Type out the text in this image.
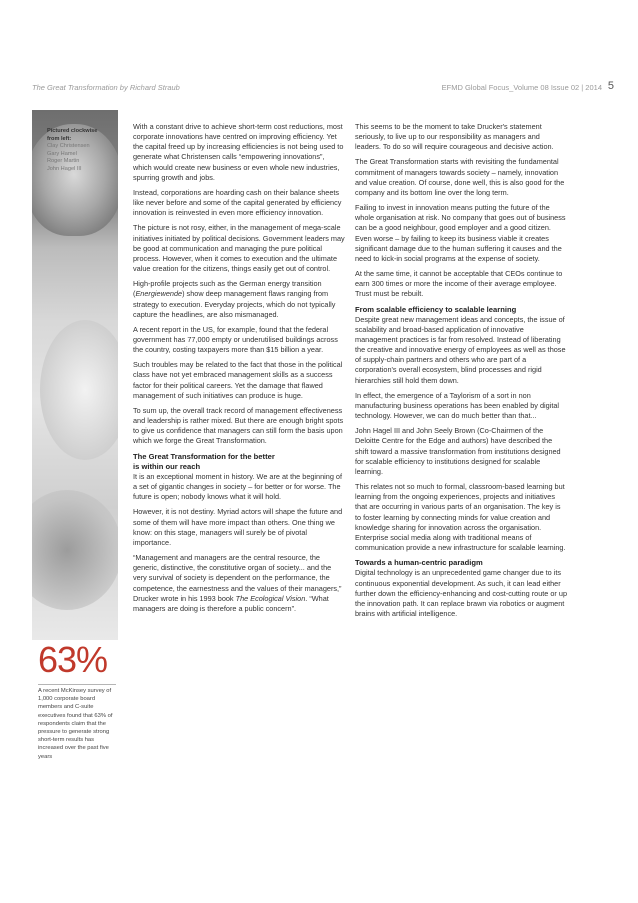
The Great Transformation by Richard Straub	EFMD Global Focus_Volume 08 Issue 02 | 2014 5
Pictured clockwise
from left:
Clay Christensen
Gary Hamel
Roger Martin
John Hagel III
63%
A recent McKinsey survey of 1,000 corporate board members and C-suite executives found that 63% of respondents claim that the pressure to generate strong short-term results has increased over the past five years

With a constant drive to achieve short-term cost reductions, most corporate innovations have centred on improving efficiency. Yet the capital freed up by increasing efficiencies is not being used to generate what Christensen calls “empowering innovations”, which would create new business or even whole new industries, spurring growth and jobs.

Instead, corporations are hoarding cash on their balance sheets like never before and some of the capital generated by efficiency innovation is reinvested in even more efficiency innovation.

The picture is not rosy, either, in the management of mega-scale initiatives initiated by political decisions. Government leaders may be good at communication and managing the pure political process. However, when it comes to execution and the ultimate value creation for the citizens, things easily get out of control.

High-profile projects such as the German energy transition (Energiewende) show deep management flaws ranging from strategy to execution. Everyday projects, which do not typically capture the headlines, are also mismanaged.

A recent report in the US, for example, found that the federal government has 77,000 empty or underutilised buildings across the country, costing taxpayers more than $15 billion a year.

Such troubles may be related to the fact that those in the political class have not yet embraced management skills as a success factor for their political careers. Yet the damage that flawed management of such initiatives can produce is huge.

To sum up, the overall track record of management effectiveness and leadership is rather mixed. But there are enough bright spots to give us confidence that managers can still form the basis upon which we forge the Great Transformation.

The Great Transformation for the better
is within our reach

It is an exceptional moment in history. We are at the beginning of a set of gigantic changes in society – for better or for worse. The future is open; nobody knows what it will hold.

However, it is not destiny. Myriad actors will shape the future and some of them will have more impact than others. One thing we know: on this stage, managers will surely be of pivotal importance.

“Management and managers are the central resource, the generic, distinctive, the constitutive organ of society... and the very survival of society is dependent on the performance, the competence, the earnestness and the values of their managers,” Drucker wrote in his 1993 book The Ecological Vision. “What managers are doing is therefore a public concern”.

This seems to be the moment to take Drucker's statement seriously, to live up to our responsibility as managers and leaders. To do so will require courageous and decisive action.

The Great Transformation starts with revisiting the fundamental commitment of managers towards society – namely, innovation and value creation. Of course, done well, this is also good for the company and its bottom line over the long term.

Failing to invest in innovation means putting the future of the whole organisation at risk. No company that goes out of business can be a good neighbour, good employer and a good citizen. Even worse – by failing to keep its business viable it creates significant damage due to the human suffering it causes and the need to kick-in social programs at the expense of society.

At the same time, it cannot be acceptable that CEOs continue to earn 300 times or more the income of their average employee. Trust must be rebuilt.

From scalable efficiency to scalable learning

Despite great new management ideas and concepts, the issue of scalability and broad-based application of innovative management practices is far from resolved. Instead of liberating the creative and innovative energy of employees as well as those of supply-chain partners and others who are part of a corporation's overall ecosystem, blind processes and rigid hierarchies still hold them down.

In effect, the emergence of a Taylorism of a sort in non manufacturing business operations has been enabled by digital technology. However, we can do much better than that...

John Hagel III and John Seely Brown (Co-Chairmen of the Deloitte Centre for the Edge and authors) have described the shift toward a massive transformation from institutions designed for scalable efficiency to institutions designed for scalable learning.

This relates not so much to formal, classroom-based learning but learning from the ongoing experiences, projects and initiatives that are occurring in various parts of an organisation. The key is to foster learning by connecting minds for value creation and knowledge sharing for innovation across the organisation. Enterprise social media along with traditional means of communication provide a new infrastructure for scalable learning.

Towards a human-centric paradigm

Digital technology is an unprecedented game changer due to its continuous exponential development. As such, it can lead either further down the efficiency-enhancing and cost-cutting route or up the innovation path. It can replace brawn via robotics or augment brains with artificial intelligence.
